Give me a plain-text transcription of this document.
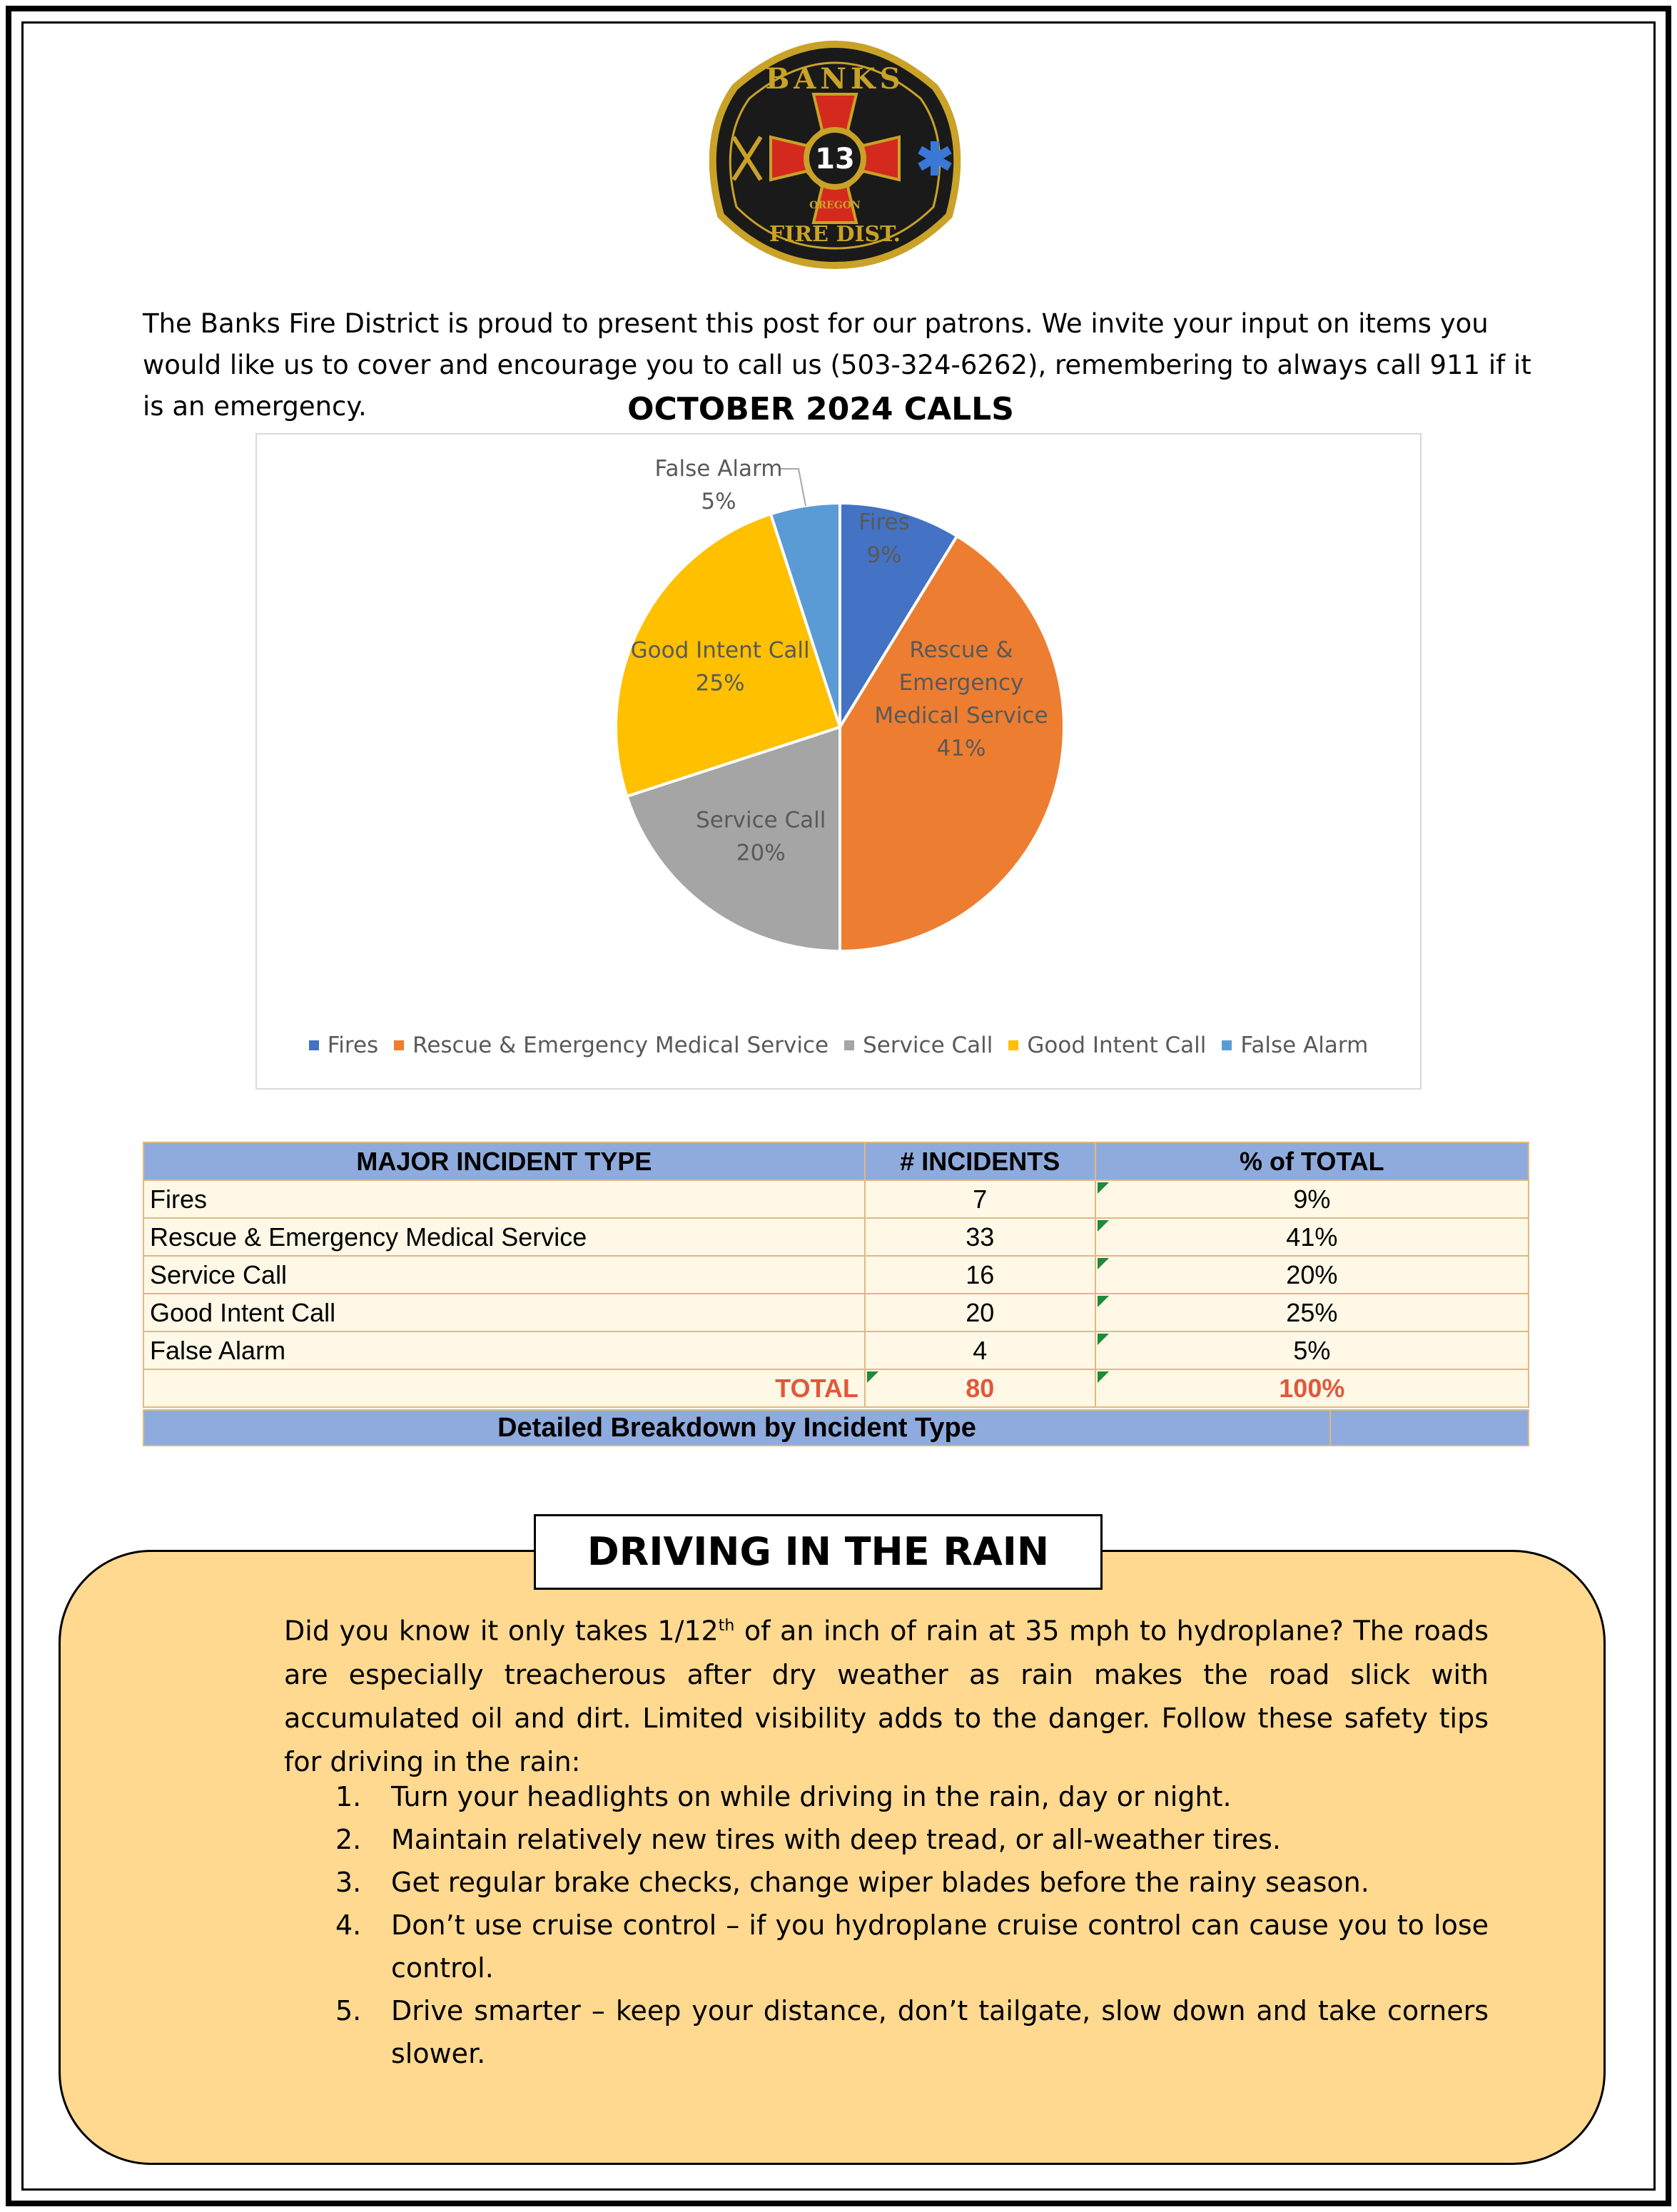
BANKS
13
OREGON
FIRE DIST.

The Banks Fire District is proud to present this post for our patrons. We invite your input on items you would like us to cover and encourage you to call us (503-324-6262), remembering to always call 911 if it is an emergency.	OCTOBER 2024 CALLS
Fires
9%
Rescue &
Emergency
Medical Service
41%
Service Call
20%
Good Intent Call
25%
False Alarm
5%
Fires Rescue & Emergency Medical Service Service Call Good Intent Call False Alarm
MAJOR INCIDENT TYPE	# INCIDENTS	% of TOTAL
Fires	7	9%
Rescue & Emergency Medical Service	33	41%
Service Call	16	20%
Good Intent Call	20	25%
False Alarm	4	5%
TOTAL	80	100%
Detailed Breakdown by Incident Type
DRIVING IN THE RAIN

Did you know it only takes 1/12th of an inch of rain at 35 mph to hydroplane? The roads are especially treacherous after dry weather as rain makes the road slick with accumulated oil and dirt. Limited visibility adds to the danger. Follow these safety tips for driving in the rain:

1.	Turn your headlights on while driving in the rain, day or night.
2.	Maintain relatively new tires with deep tread, or all-weather tires.
3.	Get regular brake checks, change wiper blades before the rainy season.
4.	Don’t use cruise control – if you hydroplane cruise control can cause you to lose control.
5.	Drive smarter – keep your distance, don’t tailgate, slow down and take corners slower.
